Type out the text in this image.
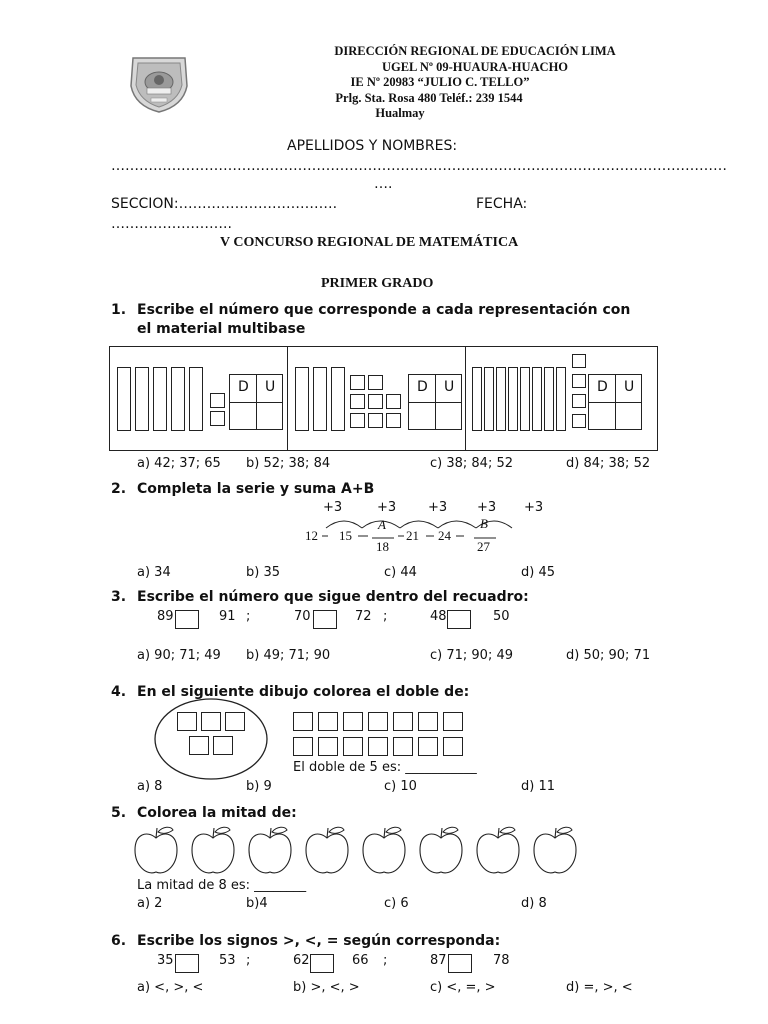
DIRECCIÓN REGIONAL DE EDUCACIÓN LIMA
UGEL Nº 09-HUAURA-HUACHO
IE Nº 20983 “JULIO C. TELLO”
Prlg. Sta. Rosa 480 Teléf.: 239 1544
Hualmay
APELLIDOS Y NOMBRES:
……………………………………………………………………………………………………………………
….
SECCION:…………………………….	FECHA:
……………………..
V CONCURSO REGIONAL DE MATEMÁTICA
PRIMER GRADO
1. Escribe el número que corresponde a cada representación con
el material multibase
D U	D U	D U
a) 42; 37; 65 b) 52; 38; 84	c) 38; 84; 52	d) 84; 38; 52
2. Completa la serie y suma A+B
+3	+3 +3 +3 +3
12 15
A
18
21 24
B
27
a) 34	b) 35	c) 44	d) 45
3. Escribe el número que sigue dentro del recuadro:
89	91 ;	70	72 ;	48	50
a) 90; 71; 49 b) 49; 71; 90	c) 71; 90; 49	d) 50; 90; 71
4. En el siguiente dibujo colorea el doble de:
El doble de 5 es: ___________
a) 8	b) 9	c) 10	d) 11
5. Colorea la mitad de:
La mitad de 8 es: ________
a) 2	b)4	c) 6	d) 8
6. Escribe los signos >, <, = según corresponda:
35	53 ;	62	66 ;	87	78
a) <, >, <	b) >, <, >	c) <, =, >	d) =, >, <
